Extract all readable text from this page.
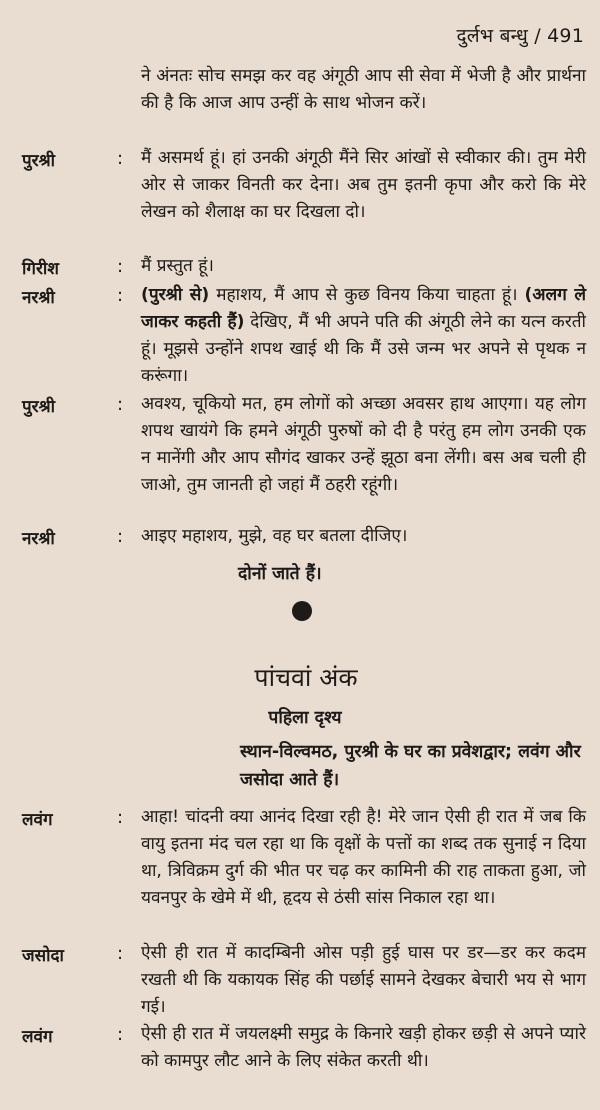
दुर्लभ बन्धु / 491
ने अंनतः सोच समझ कर वह अंगूठी आप सी सेवा में भेजी है और प्रार्थना की है कि आज आप उन्हीं के साथ भोजन करें।
पुरश्री	: मैं असमर्थ हूं। हां उनकी अंगूठी मैंने सिर आंखों से स्वीकार की। तुम मेरी ओर से जाकर विनती कर देना। अब तुम इतनी कृपा और करो कि मेरे लेखन को शैलाक्ष का घर दिखला दो।
गिरीश	: मैं प्रस्तुत हूं।
नरश्री	: (पुरश्री से) महाशय, मैं आप से कुछ विनय किया चाहता हूं। (अलग ले जाकर कहती हैं) देखिए, मैं भी अपने पति की अंगूठी लेने का यत्न करती हूं। मूझसे उन्होंने शपथ खाई थी कि मैं उसे जन्म भर अपने से पृथक न करूंगा।
पुरश्री	: अवश्य, चूकियो मत, हम लोगों को अच्छा अवसर हाथ आएगा। यह लोग शपथ खायंगे कि हमने अंगूठी पुरुषों को दी है परंतु हम लोग उनकी एक न मानेंगी और आप सौगंद खाकर उन्हें झूठा बना लेंगी। बस अब चली ही जाओ, तुम जानती हो जहां मैं ठहरी रहूंगी।
नरश्री	: आइए महाशय, मुझे, वह घर बतला दीजिए।
दोनों जाते हैं।
पांचवां अंक
पहिला दृश्य
स्थान-विल्वमठ, पुरश्री के घर का प्रवेशद्वार; लवंग और जसोदा आते हैं।
लवंग	: आहा! चांदनी क्या आनंद दिखा रही है! मेरे जान ऐसी ही रात में जब कि वायु इतना मंद चल रहा था कि वृक्षों के पत्तों का शब्द तक सुनाई न दिया था, त्रिविक्रम दुर्ग की भीत पर चढ़ कर कामिनी की राह ताकता हुआ, जो यवनपुर के खेमे में थी, हृदय से ठंसी सांस निकाल रहा था।
जसोदा	: ऐसी ही रात में कादम्बिनी ओस पड़ी हुई घास पर डर—डर कर कदम रखती थी कि यकायक सिंह की पर्छाई सामने देखकर बेचारी भय से भाग गई।
लवंग	: ऐसी ही रात में जयलक्ष्मी समुद्र के किनारे खड़ी होकर छड़ी से अपने प्यारे को कामपुर लौट आने के लिए संकेत करती थी।
